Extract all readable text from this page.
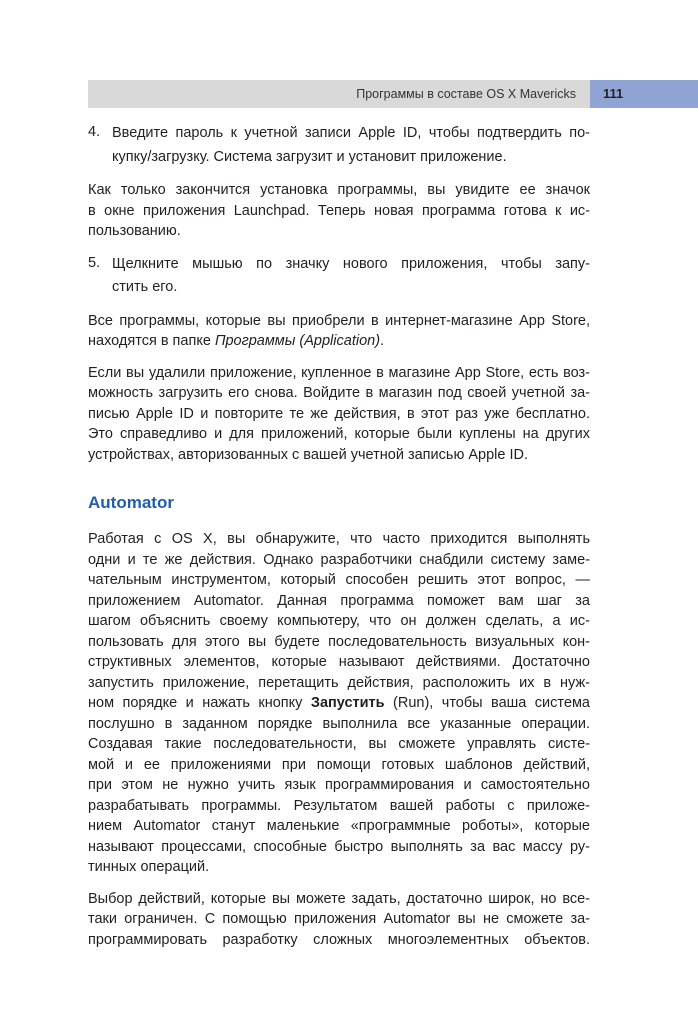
Программы в составе OS X Mavericks 111
4. Введите пароль к учетной записи Apple ID, чтобы подтвердить по-
купку/загрузку. Система загрузит и установит приложение.
Как только закончится установка программы, вы увидите ее значок
в окне приложения Launchpad. Теперь новая программа готова к ис-
пользованию.
5. Щелкните мышью по значку нового приложения, чтобы запу-
стить его.
Все программы, которые вы приобрели в интернет-магазине App Store,
находятся в папке Программы (Application).
Если вы удалили приложение, купленное в магазине App Store, есть воз-
можность загрузить его снова. Войдите в магазин под своей учетной за-
писью Apple ID и повторите те же действия, в этот раз уже бесплатно.
Это справедливо и для приложений, которые были куплены на других
устройствах, авторизованных с вашей учетной записью Apple ID.
Automator
Работая с OS X, вы обнаружите, что часто приходится выполнять
одни и те же действия. Однако разработчики снабдили систему заме-
чательным инструментом, который способен решить этот вопрос, —
приложением Automator. Данная программа поможет вам шаг за
шагом объяснить своему компьютеру, что он должен сделать, а ис-
пользовать для этого вы будете последовательность визуальных кон-
структивных элементов, которые называют действиями. Достаточно
запустить приложение, перетащить действия, расположить их в нуж-
ном порядке и нажать кнопку Запустить (Run), чтобы ваша система
послушно в заданном порядке выполнила все указанные операции.
Создавая такие последовательности, вы сможете управлять систе-
мой и ее приложениями при помощи готовых шаблонов действий,
при этом не нужно учить язык программирования и самостоятельно
разрабатывать программы. Результатом вашей работы с приложе-
нием Automator станут маленькие «программные роботы», которые
называют процессами, способные быстро выполнять за вас массу ру-
тинных операций.
Выбор действий, которые вы можете задать, достаточно широк, но все-
таки ограничен. С помощью приложения Automator вы не сможете за-
программировать разработку сложных многоэлементных объектов.
